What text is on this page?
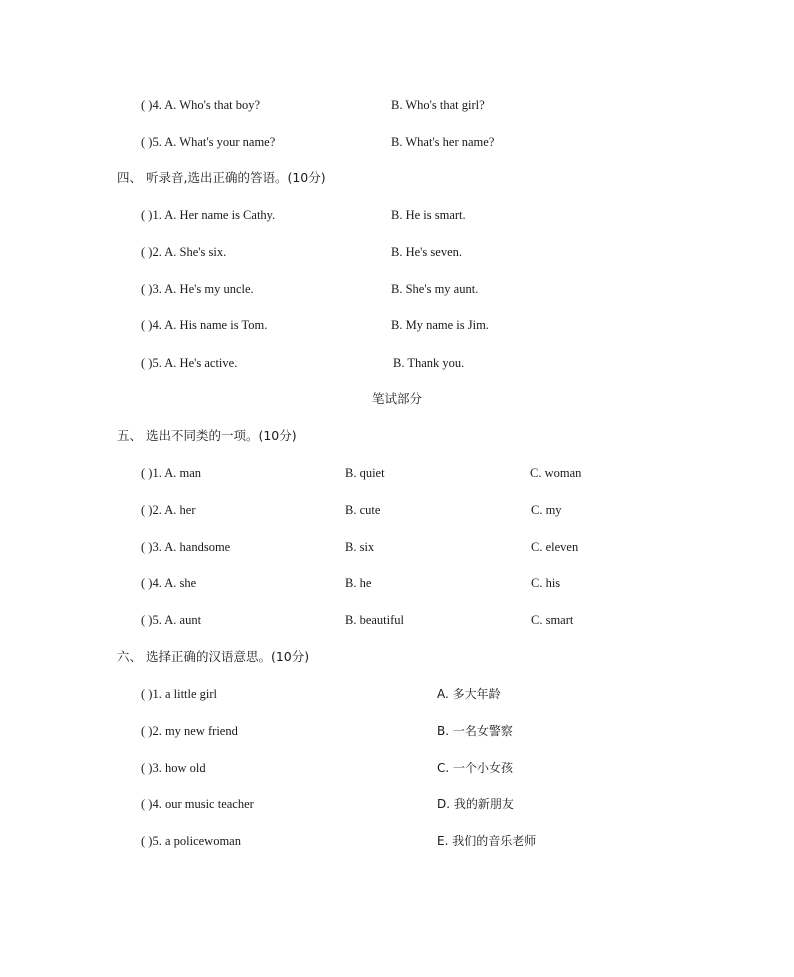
( )4. A. Who's that boy?	B. Who's that girl?
( )5. A. What's your name?	B. What's her name?
四、 听录音,选出正确的答语。(10分)
( )1. A. Her name is Cathy.	B. He is smart.
( )2. A. She's six.	B. He's seven.
( )3. A. He's my uncle.	B. She's my aunt.
( )4. A. His name is Tom.	B. My name is Jim.
( )5. A. He's active.	B. Thank you.
笔试部分
五、 选出不同类的一项。(10分)
( )1. A. man	B. quiet	C. woman
( )2. A. her	B. cute	C. my
( )3. A. handsome	B. six	C. eleven
( )4. A. she	B. he	C. his
( )5. A. aunt	B. beautiful	C. smart
六、 选择正确的汉语意思。(10分)
( )1. a little girl	A. 多大年龄
( )2. my new friend	B. 一名女警察
( )3. how old	C. 一个小女孩
( )4. our music teacher	D. 我的新朋友
( )5. a policewoman	E. 我们的音乐老师
